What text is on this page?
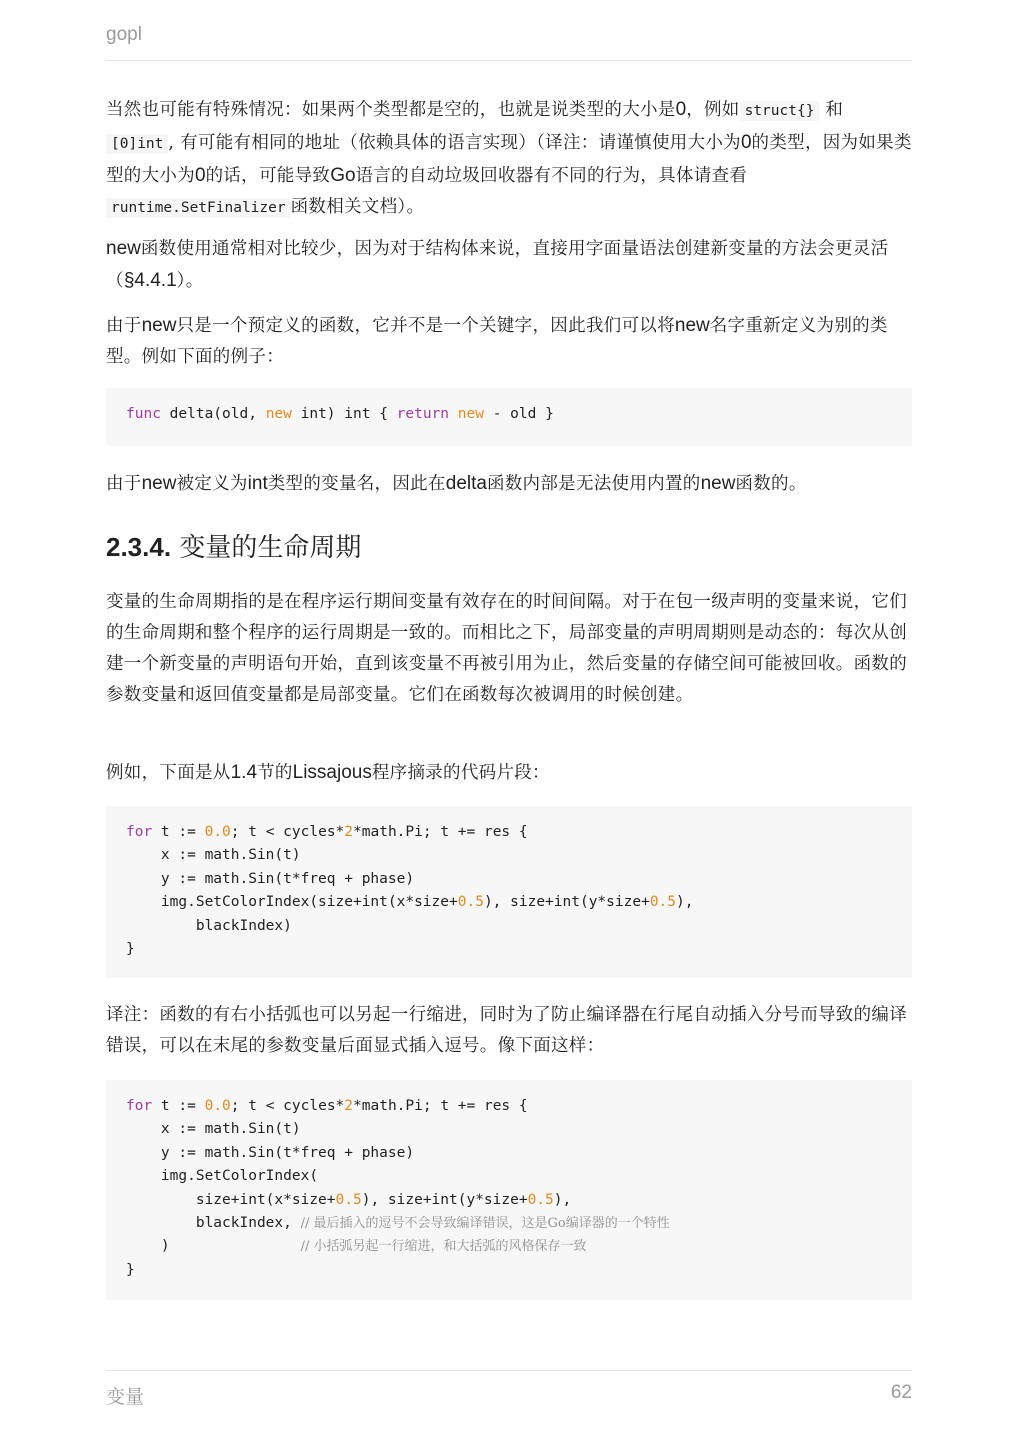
gopl
当然也可能有特殊情况：如果两个类型都是空的，也就是说类型的大小是0，例如 struct{} 和 [0]int , 有可能有相同的地址（依赖具体的语言实现）（译注：请谨慎使用大小为0的类型，因为如果类型的大小为0的话，可能导致Go语言的自动垃圾回收器有不同的行为，具体请查看runtime.SetFinalizer 函数相关文档）。
new函数使用通常相对比较少，因为对于结构体来说，直接用字面量语法创建新变量的方法会更灵活（§4.4.1）。
由于new只是一个预定义的函数，它并不是一个关键字，因此我们可以将new名字重新定义为别的类型。例如下面的例子：
func delta(old, new int) int { return new - old }
由于new被定义为int类型的变量名，因此在delta函数内部是无法使用内置的new函数的。
2.3.4. 变量的生命周期
变量的生命周期指的是在程序运行期间变量有效存在的时间间隔。对于在包一级声明的变量来说，它们的生命周期和整个程序的运行周期是一致的。而相比之下，局部变量的声明周期则是动态的：每次从创建一个新变量的声明语句开始，直到该变量不再被引用为止，然后变量的存储空间可能被回收。函数的参数变量和返回值变量都是局部变量。它们在函数每次被调用的时候创建。
例如，下面是从1.4节的Lissajous程序摘录的代码片段：
for t := 0.0; t < cycles*2*math.Pi; t += res {
x := math.Sin(t)
y := math.Sin(t*freq + phase)
img.SetColorIndex(size+int(x*size+0.5), size+int(y*size+0.5),
blackIndex)
}
译注：函数的有右小括弧也可以另起一行缩进，同时为了防止编译器在行尾自动插入分号而导致的编译错误，可以在末尾的参数变量后面显式插入逗号。像下面这样：
for t := 0.0; t < cycles*2*math.Pi; t += res {
x := math.Sin(t)
y := math.Sin(t*freq + phase)
img.SetColorIndex(
size+int(x*size+0.5), size+int(y*size+0.5),
blackIndex, // 最后插入的逗号不会导致编译错误，这是Go编译器的一个特性
)               // 小括弧另起一行缩进，和大括弧的风格保存一致
}
变量	62
